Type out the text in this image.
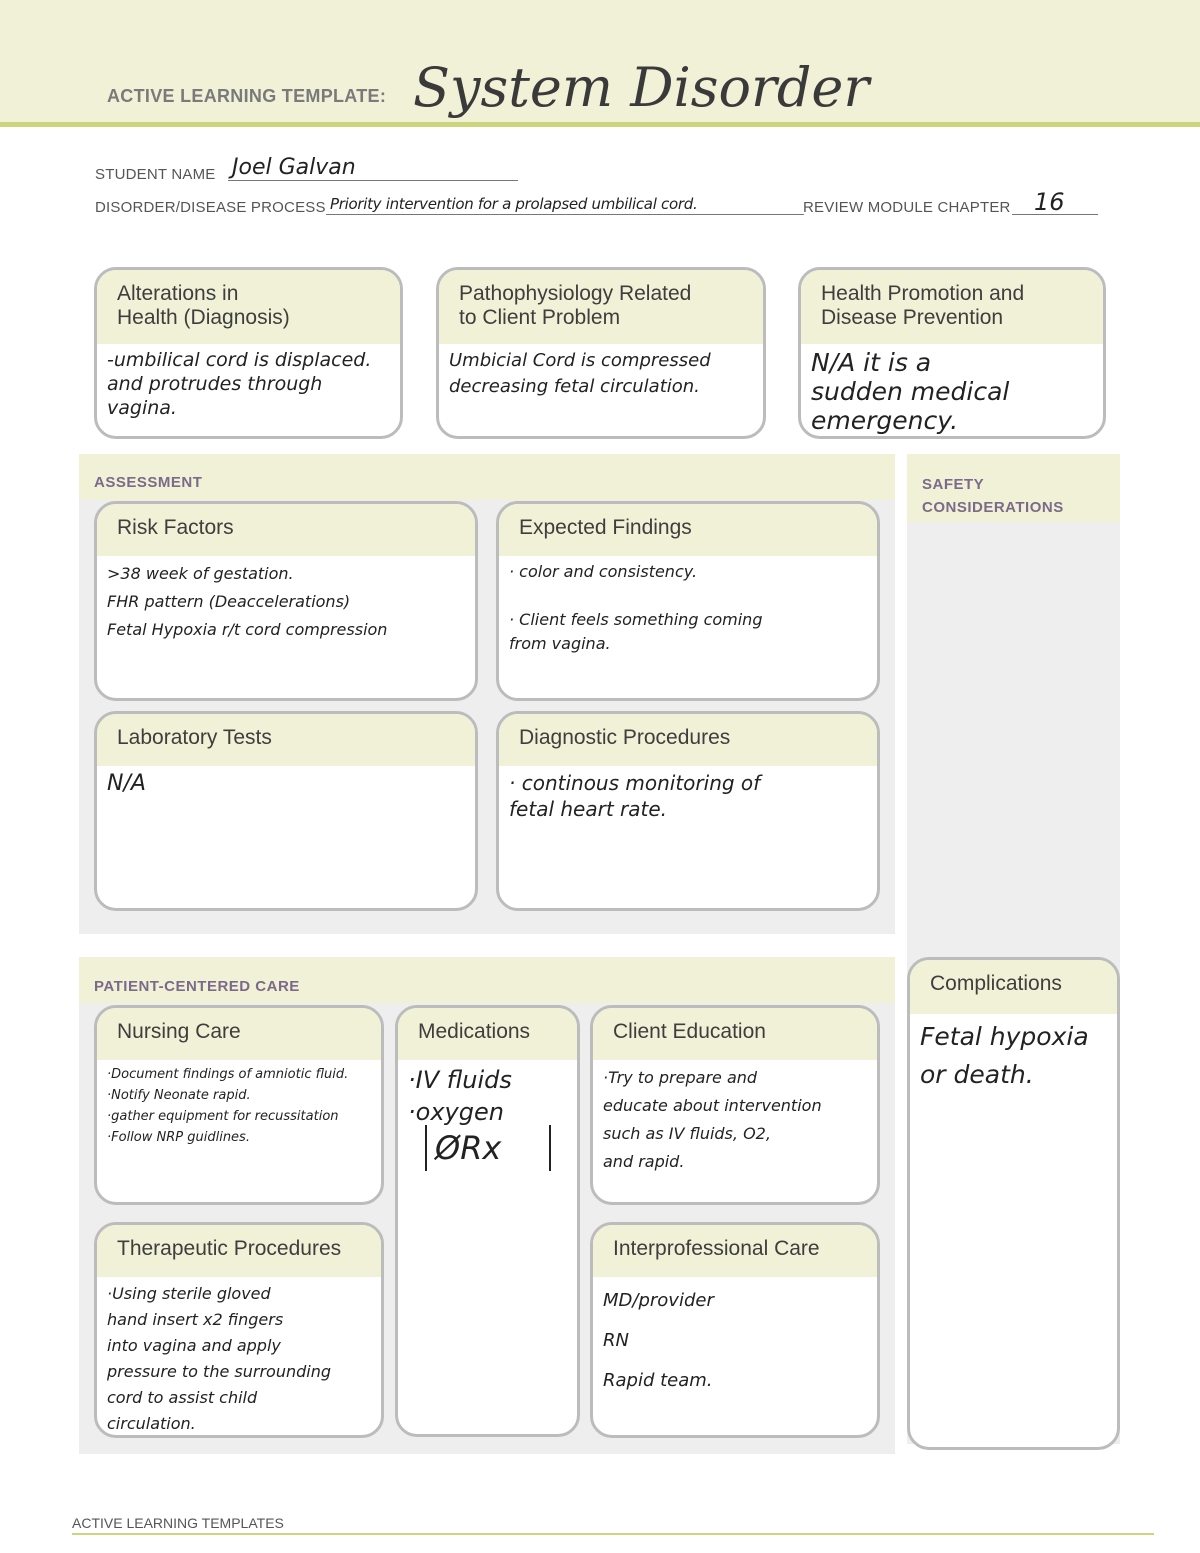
ACTIVE LEARNING TEMPLATE: System Disorder
STUDENT NAME Joel Galvan
DISORDER/DISEASE PROCESS Priority intervention for a prolapsed umbilical cord.	REVIEW MODULE CHAPTER 16
Alterations in
Health (Diagnosis)
-umbilical cord is displaced.
and protrudes through
vagina.
Pathophysiology Related
to Client Problem
Umbicial Cord is compressed
decreasing fetal circulation.
Health Promotion and
Disease Prevention
N/A it is a
sudden medical
emergency.
ASSESSMENT
Risk Factors
>38 week of gestation.
FHR pattern (Deaccelerations)
Fetal Hypoxia r/t cord compression
Expected Findings
· color and consistency.

· Client feels something coming
from vagina.
Laboratory Tests
N/A
Diagnostic Procedures
· continous monitoring of
fetal heart rate.
SAFETY
CONSIDERATIONS
PATIENT-CENTERED CARE
Nursing Care
·Document findings of amniotic fluid.
·Notify Neonate rapid.
·gather equipment for recussitation
·Follow NRP guidlines.
Medications
·IV fluids
·oxygen
ØRx
Client Education
·Try to prepare and
educate about intervention
such as IV fluids, O2,
and rapid.
Therapeutic Procedures
·Using sterile gloved
hand insert x2 fingers
into vagina and apply
pressure to the surrounding
cord to assist child
circulation.
Interprofessional Care
MD/provider
RN
Rapid team.
Complications
Fetal hypoxia
or death.
ACTIVE LEARNING TEMPLATES
